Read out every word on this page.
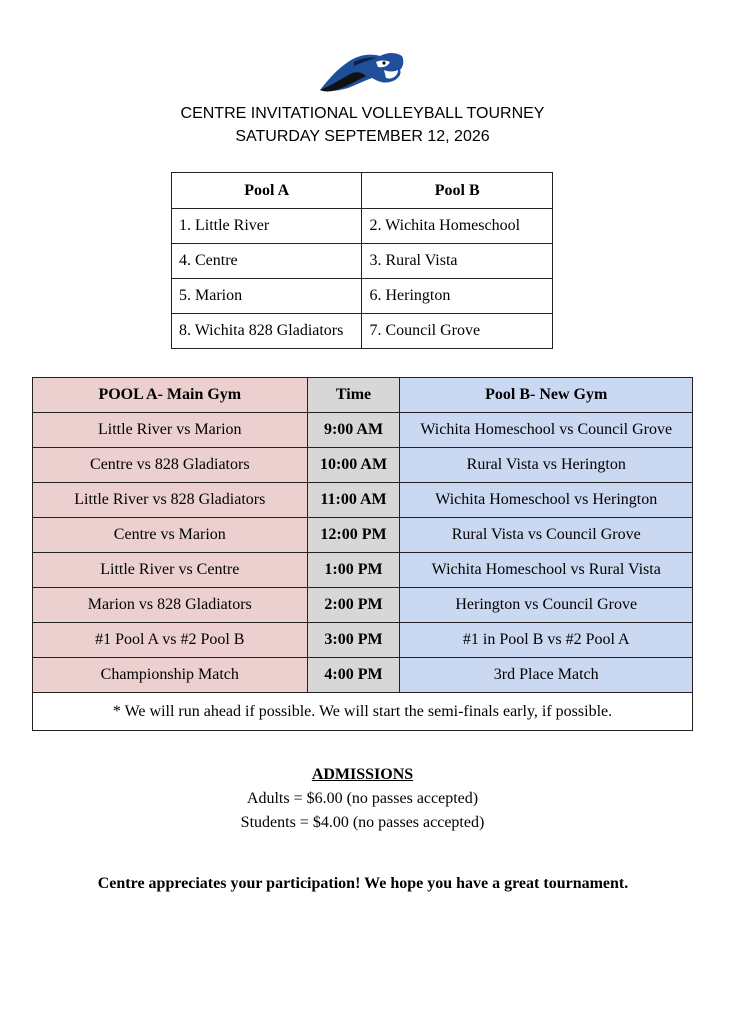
CENTRE INVITATIONAL VOLLEYBALL TOURNEY
SATURDAY SEPTEMBER 12, 2026
Pool A	Pool B
1. Little River	2. Wichita Homeschool
4. Centre	3. Rural Vista
5. Marion	6. Herington
8. Wichita 828 Gladiators	7. Council Grove
POOL A- Main Gym	Time	Pool B- New Gym
Little River vs Marion	9:00 AM	Wichita Homeschool vs Council Grove
Centre vs 828 Gladiators	10:00 AM	Rural Vista vs Herington
Little River vs 828 Gladiators	11:00 AM	Wichita Homeschool vs Herington
Centre vs Marion	12:00 PM	Rural Vista vs Council Grove
Little River vs Centre	1:00 PM	Wichita Homeschool vs Rural Vista
Marion vs 828 Gladiators	2:00 PM	Herington vs Council Grove
#1 Pool A vs #2 Pool B	3:00 PM	#1 in Pool B vs #2 Pool A
Championship Match	4:00 PM	3rd Place Match
* We will run ahead if possible. We will start the semi-finals early, if possible.		
ADMISSIONS
Adults = $6.00 (no passes accepted)
Students = $4.00 (no passes accepted)
Centre appreciates your participation! We hope you have a great tournament.
